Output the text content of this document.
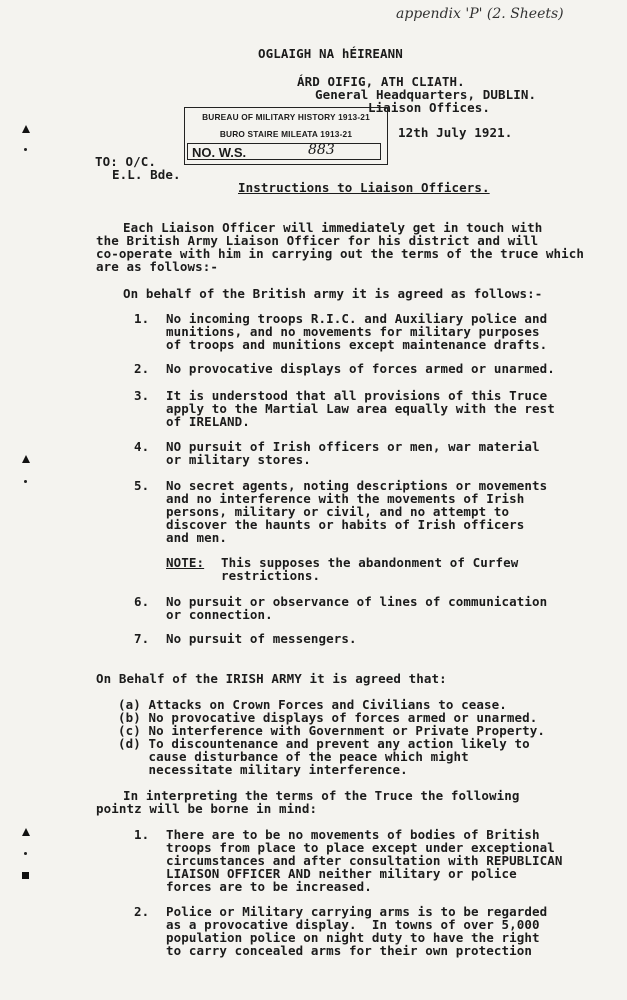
appendix 'P' (2. Sheets)
OGLAIGH NA hÉIREANN
ÁRD OIFIG, ATH CLIATH.
General Headquarters, DUBLIN.
Liaison Offices.
12th July 1921.
BUREAU OF MILITARY HISTORY 1913-21
BURO STAIRE MILEATA 1913-21
NO. W.S.	883
TO: O/C.
E.L. Bde.
Instructions to Liaison Officers.
Each Liaison Officer will immediately get in touch with
the British Army Liaison Officer for his district and will
co-operate with him in carrying out the terms of the truce which
are as follows:-
On behalf of the British army it is agreed as follows:-
1. No incoming troops R.I.C. and Auxiliary police and
munitions, and no movements for military purposes
of troops and munitions except maintenance drafts.
2. No provocative displays of forces armed or unarmed.
3. It is understood that all provisions of this Truce
apply to the Martial Law area equally with the rest
of IRELAND.
4. NO pursuit of Irish officers or men, war material
or military stores.
5. No secret agents, noting descriptions or movements
and no interference with the movements of Irish
persons, military or civil, and no attempt to
discover the haunts or habits of Irish officers
and men.
NOTE: This supposes the abandonment of Curfew
restrictions.
6. No pursuit or observance of lines of communication
or connection.
7. No pursuit of messengers.
On Behalf of the IRISH ARMY it is agreed that:
(a) Attacks on Crown Forces and Civilians to cease.
(b) No provocative displays of forces armed or unarmed.
(c) No interference with Government or Private Property.
(d) To discountenance and prevent any action likely to
cause disturbance of the peace which might
necessitate military interference.
In interpreting the terms of the Truce the following
pointz will be borne in mind:
1. There are to be no movements of bodies of British
troops from place to place except under exceptional
circumstances and after consultation with REPUBLICAN
LIAISON OFFICER AND neither military or police
forces are to be increased.
2. Police or Military carrying arms is to be regarded
as a provocative display.  In towns of over 5,000
population police on night duty to have the right
to carry concealed arms for their own protection
